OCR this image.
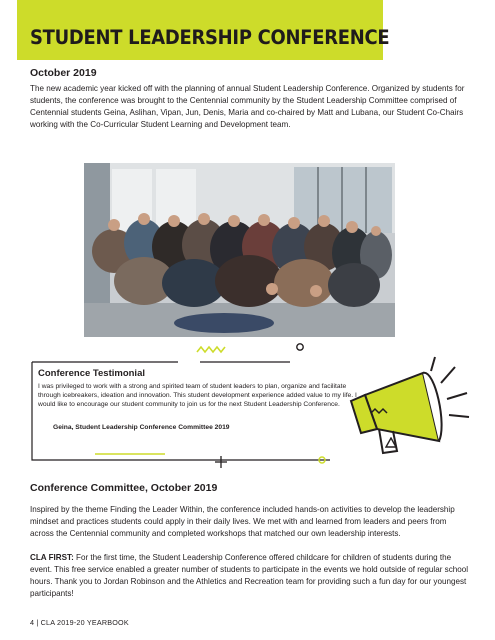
STUDENT LEADERSHIP CONFERENCE
October 2019

The new academic year kicked off with the planning of annual Student Leadership Conference. Organized by students for students, the conference was brought to the Centennial community by the Student Leadership Committee comprised of Centennial students Geina, Aslihan, Vipan, Jun, Denis, Maria and co-chaired by Matt and Lubana, our Student Co-Chairs working with the Co-Curricular Student Learning and Development team.

Conference Testimonial

I was privileged to work with a strong and spirited team of student leaders to plan, organize and facilitate through icebreakers, ideation and innovation. This student development experience added value to my life. I would like to encourage our student community to join us for the next Student Leadership Conference.

Geina, Student Leadership Conference Committee 2019
Conference Committee, October 2019

Inspired by the theme Finding the Leader Within, the conference included hands-on activities to develop the leadership mindset and practices students could apply in their daily lives. We met with and learned from leaders and peers from across the Centennial community and completed workshops that matched our own leadership interests.

CLA FIRST: For the first time, the Student Leadership Conference offered childcare for children of students during the event. This free service enabled a greater number of students to participate in the events we hold outside of regular school hours. Thank you to Jordan Robinson and the Athletics and Recreation team for providing such a fun day for our youngest participants!

4 | CLA 2019-20 YEARBOOK
